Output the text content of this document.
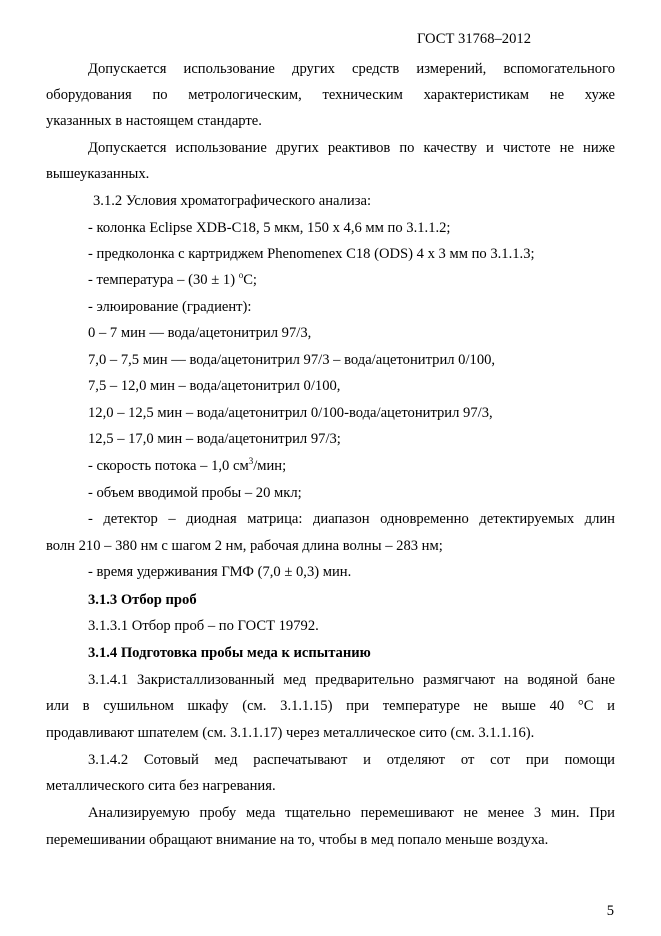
ГОСТ 31768–2012
Допускается использование других средств измерений, вспомогательного
оборудования по метрологическим, техническим характеристикам не хуже
указанных в настоящем стандарте.
Допускается использование других реактивов по качеству и чистоте не ниже
вышеуказанных.
3.1.2 Условия хроматографического анализа:
- колонка Eclipse XDB-C18, 5 мкм, 150 х 4,6 мм по 3.1.1.2;
- предколонка с картриджем Phenomenex C18 (ODS) 4 х 3 мм по 3.1.1.3;
- температура – (30 ± 1) $^о$С;
- элюирование (градиент):
0 – 7 мин — вода/ацетонитрил 97/3,
7,0 – 7,5 мин — вода/ацетонитрил 97/3 – вода/ацетонитрил 0/100,
7,5 – 12,0 мин – вода/ацетонитрил 0/100,
12,0 – 12,5 мин – вода/ацетонитрил 0/100-вода/ацетонитрил 97/3,
12,5 – 17,0 мин – вода/ацетонитрил 97/3;
- скорость потока – 1,0 $см^3$/мин;
- объем вводимой пробы – 20 мкл;
- детектор – диодная матрица: диапазон одновременно детектируемых длин
волн 210 – 380 нм с шагом 2 нм, рабочая длина волны – 283 нм;
- время удерживания ГМФ (7,0 ± 0,3) мин.
3.1.3 Отбор проб
3.1.3.1 Отбор проб – по ГОСТ 19792.
3.1.4 Подготовка пробы меда к испытанию
3.1.4.1 Закристаллизованный мед предварительно размягчают на водяной бане
или в сушильном шкафу (см. 3.1.1.15) при температуре не выше 40 °С и
продавливают шпателем (см. 3.1.1.17) через металлическое сито (см. 3.1.1.16).
3.1.4.2 Сотовый мед распечатывают и отделяют от сот при помощи
металлического сита без нагревания.
Анализируемую пробу меда тщательно перемешивают не менее 3 мин. При
перемешивании обращают внимание на то, чтобы в мед попало меньше воздуха.
5
